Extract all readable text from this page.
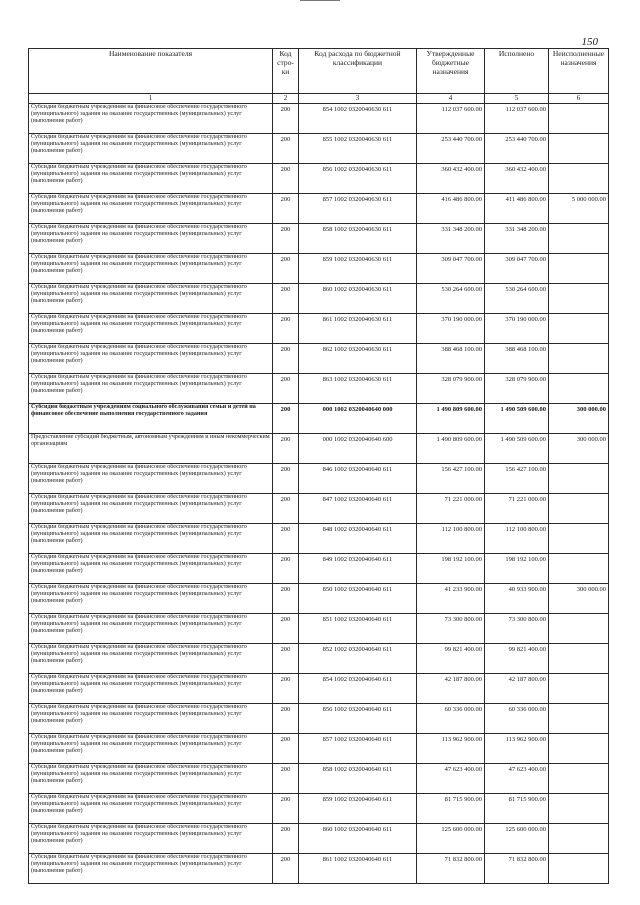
150
Наименование показателя	Код стро-ки	Код расхода по бюджетной классификации	Утвержденные бюджетные назначения	Исполнено	Неисполненные назначения
1	2	3	4	5	6
Субсидии бюджетным учреждениям на финансовое обеспечение государственного (муниципального) задания на оказание государственных (муниципальных) услуг (выполнение работ)	200	854 1002 0320040630 611	112 037 600.00	112 037 600.00	
Субсидии бюджетным учреждениям на финансовое обеспечение государственного (муниципального) задания на оказание государственных (муниципальных) услуг (выполнение работ)	200	855 1002 0320040630 611	253 440 700.00	253 440 700.00	
Субсидии бюджетным учреждениям на финансовое обеспечение государственного (муниципального) задания на оказание государственных (муниципальных) услуг (выполнение работ)	200	856 1002 0320040630 611	360 432 400.00	360 432 400.00	
Субсидии бюджетным учреждениям на финансовое обеспечение государственного (муниципального) задания на оказание государственных (муниципальных) услуг (выполнение работ)	200	857 1002 0320040630 611	416 486 800.00	411 486 800.00	5 000 000.00
Субсидии бюджетным учреждениям на финансовое обеспечение государственного (муниципального) задания на оказание государственных (муниципальных) услуг (выполнение работ)	200	858 1002 0320040630 611	331 348 200.00	331 348 200.00	
Субсидии бюджетным учреждениям на финансовое обеспечение государственного (муниципального) задания на оказание государственных (муниципальных) услуг (выполнение работ)	200	859 1002 0320040630 611	309 047 700.00	309 047 700.00	
Субсидии бюджетным учреждениям на финансовое обеспечение государственного (муниципального) задания на оказание государственных (муниципальных) услуг (выполнение работ)	200	860 1002 0320040630 611	530 264 600.00	530 264 600.00	
Субсидии бюджетным учреждениям на финансовое обеспечение государственного (муниципального) задания на оказание государственных (муниципальных) услуг (выполнение работ)	200	861 1002 0320040630 611	370 190 000.00	370 190 000.00	
Субсидии бюджетным учреждениям на финансовое обеспечение государственного (муниципального) задания на оказание государственных (муниципальных) услуг (выполнение работ)	200	862 1002 0320040630 611	388 468 100.00	388 468 100.00	
Субсидии бюджетным учреждениям на финансовое обеспечение государственного (муниципального) задания на оказание государственных (муниципальных) услуг (выполнение работ)	200	863 1002 0320040630 611	328 079 900.00	328 079 900.00	
Субсидии бюджетным учреждениям социального обслуживания семьи и детей на финансовое обеспечение выполнения государственного задания	200	000 1002 0320040640 000	1 490 809 600.00	1 490 509 600.00	300 000.00
Предоставление субсидий бюджетным, автономным учреждениям и иным некоммерческим организациям	200	000 1002 0320040640 600	1 490 809 600.00	1 490 509 600.00	300 000.00
Субсидии бюджетным учреждениям на финансовое обеспечение государственного (муниципального) задания на оказание государственных (муниципальных) услуг (выполнение работ)	200	846 1002 0320040640 611	156 427 100.00	156 427 100.00	
Субсидии бюджетным учреждениям на финансовое обеспечение государственного (муниципального) задания на оказание государственных (муниципальных) услуг (выполнение работ)	200	847 1002 0320040640 611	71 221 000.00	71 221 000.00	
Субсидии бюджетным учреждениям на финансовое обеспечение государственного (муниципального) задания на оказание государственных (муниципальных) услуг (выполнение работ)	200	848 1002 0320040640 611	112 100 800.00	112 100 800.00	
Субсидии бюджетным учреждениям на финансовое обеспечение государственного (муниципального) задания на оказание государственных (муниципальных) услуг (выполнение работ)	200	849 1002 0320040640 611	198 192 100.00	198 192 100.00	
Субсидии бюджетным учреждениям на финансовое обеспечение государственного (муниципального) задания на оказание государственных (муниципальных) услуг (выполнение работ)	200	850 1002 0320040640 611	41 233 900.00	40 933 900.00	300 000.00
Субсидии бюджетным учреждениям на финансовое обеспечение государственного (муниципального) задания на оказание государственных (муниципальных) услуг (выполнение работ)	200	851 1002 0320040640 611	73 300 800.00	73 300 800.00	
Субсидии бюджетным учреждениям на финансовое обеспечение государственного (муниципального) задания на оказание государственных (муниципальных) услуг (выполнение работ)	200	852 1002 0320040640 611	99 821 400.00	99 821 400.00	
Субсидии бюджетным учреждениям на финансовое обеспечение государственного (муниципального) задания на оказание государственных (муниципальных) услуг (выполнение работ)	200	854 1002 0320040640 611	42 187 800.00	42 187 800.00	
Субсидии бюджетным учреждениям на финансовое обеспечение государственного (муниципального) задания на оказание государственных (муниципальных) услуг (выполнение работ)	200	856 1002 0320040640 611	60 336 000.00	60 336 000.00	
Субсидии бюджетным учреждениям на финансовое обеспечение государственного (муниципального) задания на оказание государственных (муниципальных) услуг (выполнение работ)	200	857 1002 0320040640 611	113 962 900.00	113 962 900.00	
Субсидии бюджетным учреждениям на финансовое обеспечение государственного (муниципального) задания на оказание государственных (муниципальных) услуг (выполнение работ)	200	858 1002 0320040640 611	47 623 400.00	47 623 400.00	
Субсидии бюджетным учреждениям на финансовое обеспечение государственного (муниципального) задания на оказание государственных (муниципальных) услуг (выполнение работ)	200	859 1002 0320040640 611	81 715 900.00	81 715 900.00	
Субсидии бюджетным учреждениям на финансовое обеспечение государственного (муниципального) задания на оказание государственных (муниципальных) услуг (выполнение работ)	200	860 1002 0320040640 611	125 600 000.00	125 600 000.00	
Субсидии бюджетным учреждениям на финансовое обеспечение государственного (муниципального) задания на оказание государственных (муниципальных) услуг (выполнение работ)	200	861 1002 0320040640 611	71 832 800.00	71 832 800.00	
